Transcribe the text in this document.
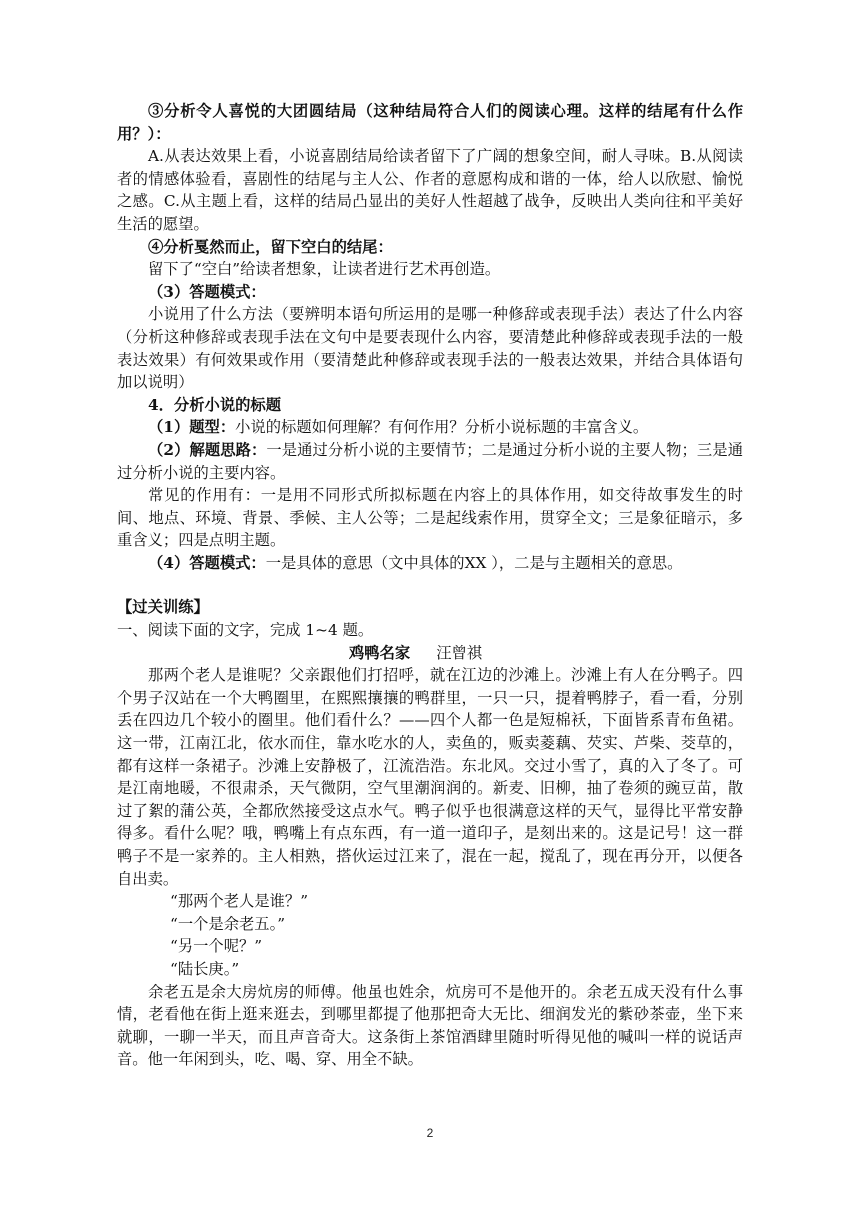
③分析令人喜悦的大团圆结局（这种结局符合人们的阅读心理。这样的结尾有什么作用？）：

A.从表达效果上看，小说喜剧结局给读者留下了广阔的想象空间，耐人寻味。B.从阅读者的情感体验看，喜剧性的结尾与主人公、作者的意愿构成和谐的一体，给人以欣慰、愉悦之感。C.从主题上看，这样的结局凸显出的美好人性超越了战争，反映出人类向往和平美好生活的愿望。

④分析戛然而止，留下空白的结尾：

留下了“空白”给读者想象，让读者进行艺术再创造。

（3）答题模式：

小说用了什么方法（要辨明本语句所运用的是哪一种修辞或表现手法）表达了什么内容（分析这种修辞或表现手法在文句中是要表现什么内容，要清楚此种修辞或表现手法的一般表达效果）有何效果或作用（要清楚此种修辞或表现手法的一般表达效果，并结合具体语句加以说明）

4．分析小说的标题

（1）题型：小说的标题如何理解？有何作用？分析小说标题的丰富含义。

（2）解题思路：一是通过分析小说的主要情节；二是通过分析小说的主要人物；三是通过分析小说的主要内容。

常见的作用有：一是用不同形式所拟标题在内容上的具体作用，如交待故事发生的时间、地点、环境、背景、季候、主人公等；二是起线索作用，贯穿全文；三是象征暗示，多重含义；四是点明主题。

（4）答题模式：一是具体的意思（文中具体的XX ），二是与主题相关的意思。

【过关训练】

一、阅读下面的文字，完成 1~4 题。

鸡鸭名家 汪曾祺

那两个老人是谁呢？父亲跟他们打招呼，就在江边的沙滩上。沙滩上有人在分鸭子。四个男子汉站在一个大鸭圈里，在熙熙攘攘的鸭群里，一只一只，提着鸭脖子，看一看，分别丢在四边几个较小的圈里。他们看什么？——四个人都一色是短棉袄，下面皆系青布鱼裙。这一带，江南江北，依水而住，靠水吃水的人，卖鱼的，贩卖菱藕、芡实、芦柴、茭草的，都有这样一条裙子。沙滩上安静极了，江流浩浩。东北风。交过小雪了，真的入了冬了。可是江南地暖，不很肃杀，天气微阴，空气里潮润润的。新麦、旧柳，抽了卷须的豌豆苗，散过了絮的蒲公英，全都欣然接受这点水气。鸭子似乎也很满意这样的天气，显得比平常安静得多。看什么呢？哦，鸭嘴上有点东西，有一道一道印子，是刻出来的。这是记号！这一群鸭子不是一家养的。主人相熟，搭伙运过江来了，混在一起，搅乱了，现在再分开，以便各自出卖。

“那两个老人是谁？”

“一个是余老五。”

“另一个呢？”

“陆长庚。”

余老五是余大房炕房的师傅。他虽也姓余，炕房可不是他开的。余老五成天没有什么事情，老看他在街上逛来逛去，到哪里都提了他那把奇大无比、细润发光的紫砂茶壶，坐下来就聊，一聊一半天，而且声音奇大。这条街上茶馆酒肆里随时听得见他的喊叫一样的说话声音。他一年闲到头，吃、喝、穿、用全不缺。

2
